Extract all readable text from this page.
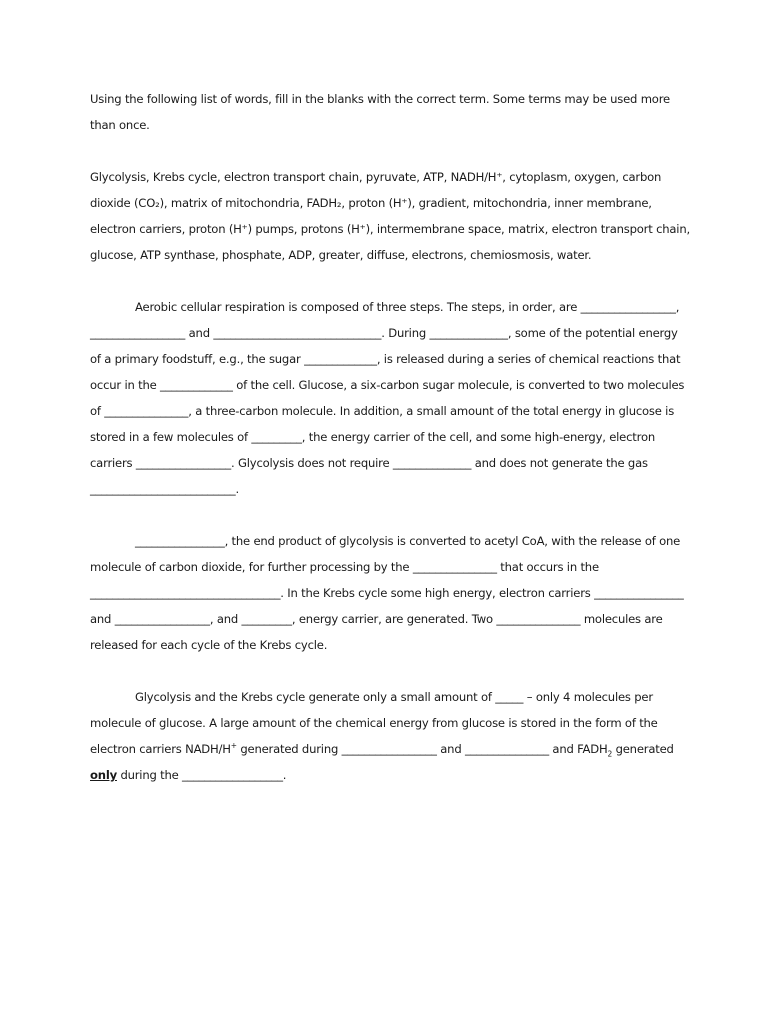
Using the following list of words, fill in the blanks with the correct term. Some terms may be used more than once.

Glycolysis, Krebs cycle, electron transport chain, pyruvate, ATP, NADH/H⁺, cytoplasm, oxygen, carbon dioxide (CO₂), matrix of mitochondria, FADH₂, proton (H⁺), gradient, mitochondria, inner membrane, electron carriers, proton (H⁺) pumps, protons (H⁺), intermembrane space, matrix, electron transport chain, glucose, ATP synthase, phosphate, ADP, greater, diffuse, electrons, chemiosmosis, water.

Aerobic cellular respiration is composed of three steps. The steps, in order, are _________________, _________________ and ______________________________. During ______________, some of the potential energy of a primary foodstuff, e.g., the sugar _____________, is released during a series of chemical reactions that occur in the _____________ of the cell. Glucose, a six-carbon sugar molecule, is converted to two molecules of _______________, a three-carbon molecule. In addition, a small amount of the total energy in glucose is stored in a few molecules of _________, the energy carrier of the cell, and some high-energy, electron carriers _________________. Glycolysis does not require ______________ and does not generate the gas __________________________.

________________, the end product of glycolysis is converted to acetyl CoA, with the release of one molecule of carbon dioxide, for further processing by the _______________ that occurs in the __________________________________. In the Krebs cycle some high energy, electron carriers ________________ and _________________, and _________, energy carrier, are generated. Two _______________ molecules are released for each cycle of the Krebs cycle.

Glycolysis and the Krebs cycle generate only a small amount of _____ – only 4 molecules per molecule of glucose. A large amount of the chemical energy from glucose is stored in the form of the electron carriers NADH/H+ generated during _________________ and _______________ and $FADH_2$ generated only during the __________________.
